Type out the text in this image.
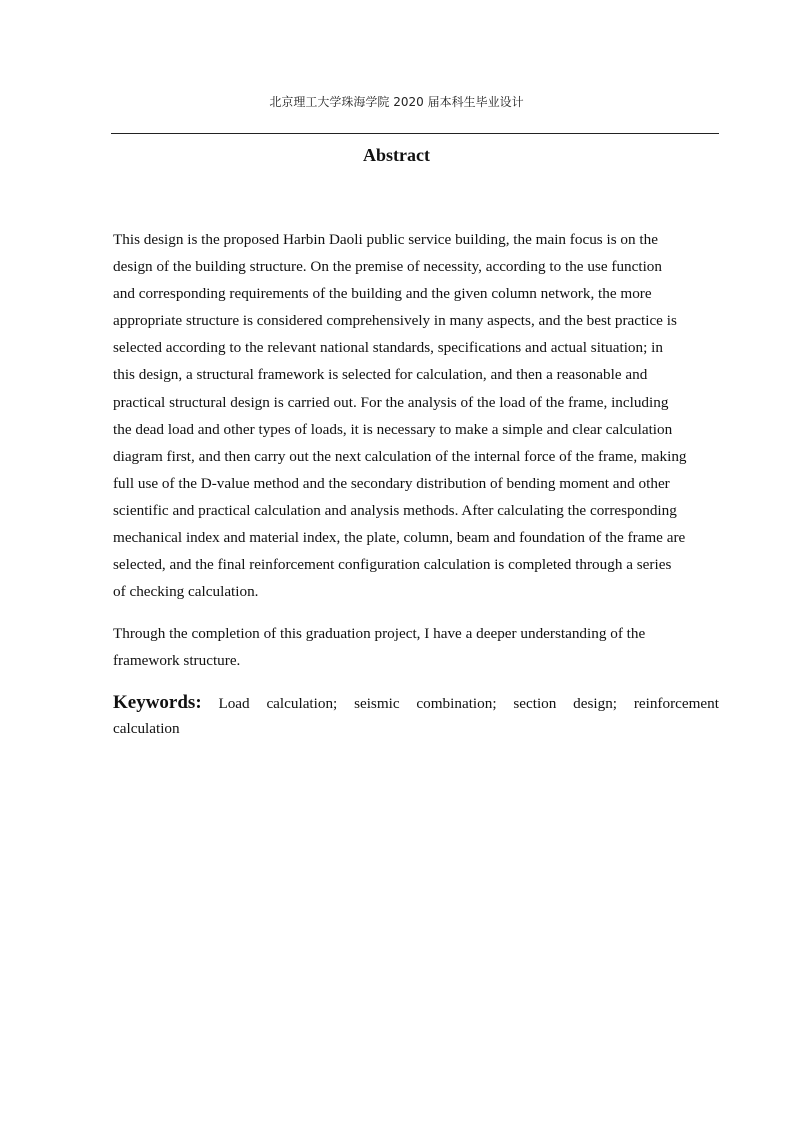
北京理工大学珠海学院 2020 届本科生毕业设计
Abstract

This design is the proposed Harbin Daoli public service building, the main focus is on the
design of the building structure. On the premise of necessity, according to the use function
and corresponding requirements of the building and the given column network, the more
appropriate structure is considered comprehensively in many aspects, and the best practice is
selected according to the relevant national standards, specifications and actual situation; in
this design, a structural framework is selected for calculation, and then a reasonable and
practical structural design is carried out. For the analysis of the load of the frame, including
the dead load and other types of loads, it is necessary to make a simple and clear calculation
diagram first, and then carry out the next calculation of the internal force of the frame, making
full use of the D-value method and the secondary distribution of bending moment and other
scientific and practical calculation and analysis methods. After calculating the corresponding
mechanical index and material index, the plate, column, beam and foundation of the frame are
selected, and the final reinforcement configuration calculation is completed through a series
of checking calculation.

Through the completion of this graduation project, I have a deeper understanding of the
framework structure.

Keywords: Load calculation; seismic combination; section design; reinforcement
calculation
